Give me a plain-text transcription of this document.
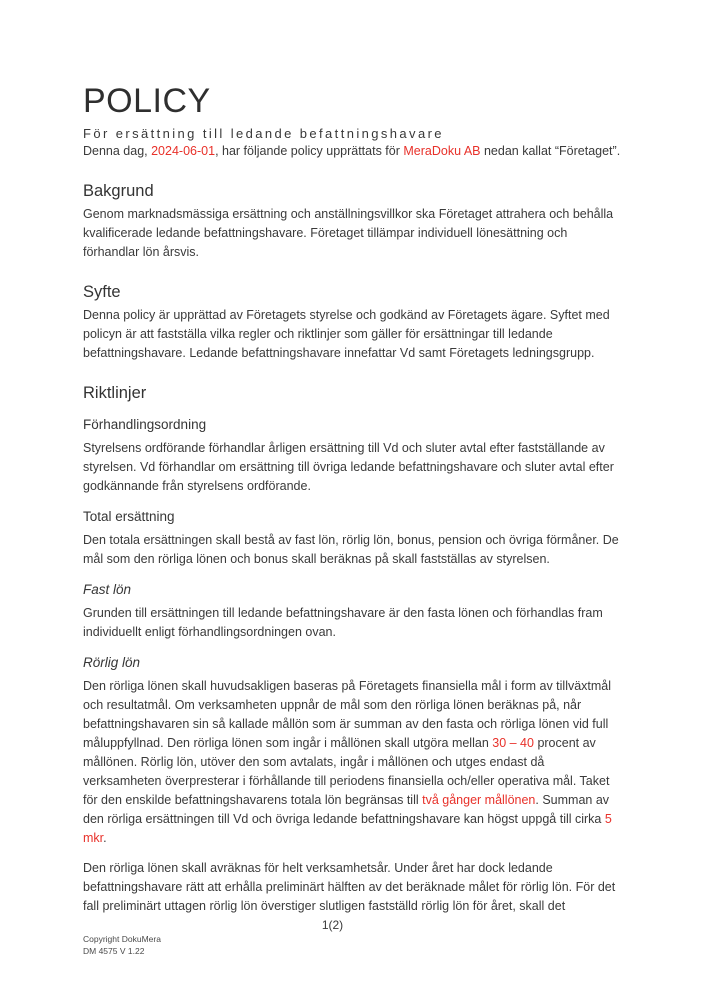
POLICY
För ersättning till ledande befattningshavare

Denna dag, 2024-06-01, har följande policy upprättats för MeraDoku AB nedan kallat “Företaget”.

Bakgrund

Genom marknadsmässiga ersättning och anställningsvillkor ska Företaget attrahera och behålla kvalificerade ledande befattningshavare. Företaget tillämpar individuell lönesättning och förhandlar lön årsvis.

Syfte

Denna policy är upprättad av Företagets styrelse och godkänd av Företagets ägare. Syftet med policyn är att fastställa vilka regler och riktlinjer som gäller för ersättningar till ledande befattningshavare. Ledande befattningshavare innefattar Vd samt Företagets ledningsgrupp.

Riktlinjer
Förhandlingsordning

Styrelsens ordförande förhandlar årligen ersättning till Vd och sluter avtal efter fastställande av styrelsen. Vd förhandlar om ersättning till övriga ledande befattningshavare och sluter avtal efter godkännande från styrelsens ordförande.

Total ersättning

Den totala ersättningen skall bestå av fast lön, rörlig lön, bonus, pension och övriga förmåner. De mål som den rörliga lönen och bonus skall beräknas på skall fastställas av styrelsen.

Fast lön

Grunden till ersättningen till ledande befattningshavare är den fasta lönen och förhandlas fram individuellt enligt förhandlingsordningen ovan.

Rörlig lön

Den rörliga lönen skall huvudsakligen baseras på Företagets finansiella mål i form av tillväxtmål och resultatmål. Om verksamheten uppnår de mål som den rörliga lönen beräknas på, når befattningshavaren sin så kallade mållön som är summan av den fasta och rörliga lönen vid full måluppfyllnad. Den rörliga lönen som ingår i mållönen skall utgöra mellan 30 – 40 procent av mållönen. Rörlig lön, utöver den som avtalats, ingår i mållönen och utges endast då verksamheten överpresterar i förhållande till periodens finansiella och/eller operativa mål. Taket för den enskilde befattningshavarens totala lön begränsas till två gånger mållönen. Summan av den rörliga ersättningen till Vd och övriga ledande befattningshavare kan högst uppgå till cirka 5 mkr.

Den rörliga lönen skall avräknas för helt verksamhetsår. Under året har dock ledande befattningshavare rätt att erhålla preliminärt hälften av det beräknade målet för rörlig lön. För det fall preliminärt uttagen rörlig lön överstiger slutligen fastställd rörlig lön för året, skall det

1(2)
Copyright DokuMera
DM 4575 V 1.22
